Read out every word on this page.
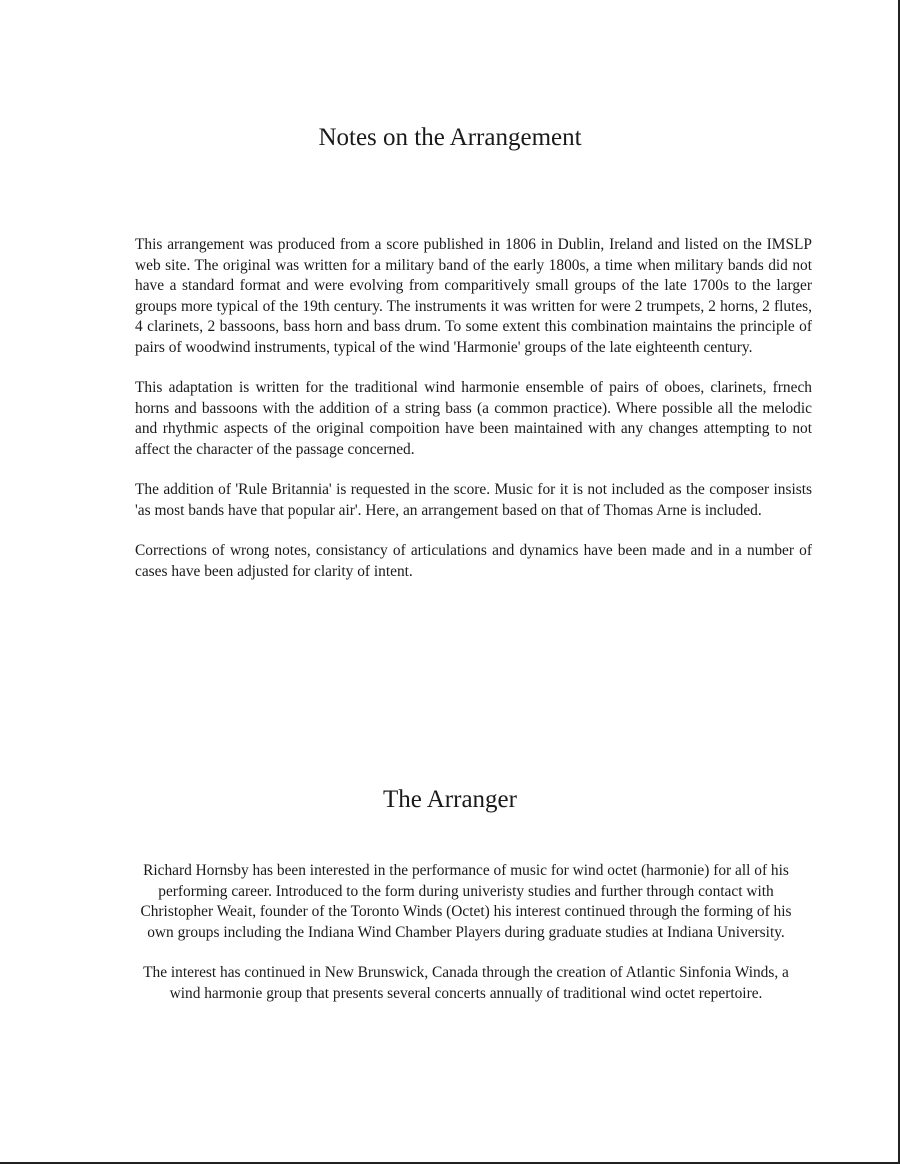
Notes on the Arrangement

This arrangement was produced from a score published in 1806 in Dublin, Ireland and listed on the IMSLP web site. The original was written for a military band of the early 1800s, a time when military bands did not have a standard format and were evolving from comparitively small groups of the late 1700s to the larger groups more typical of the 19th century. The instruments it was written for were 2 trumpets, 2 horns, 2 flutes, 4 clarinets, 2 bassoons, bass horn and bass drum. To some extent this combination maintains the principle of pairs of woodwind instruments, typical of the wind 'Harmonie' groups of the late eighteenth century.

This adaptation is written for the traditional wind harmonie ensemble of pairs of oboes, clarinets, frnech horns and bassoons with the addition of a string bass (a common practice). Where possible all the melodic and rhythmic aspects of the original compoition have been maintained with any changes attempting to not affect the character of the passage concerned.

The addition of 'Rule Britannia' is requested in the score. Music for it is not included as the composer insists 'as most bands have that popular air'. Here, an arrangement based on that of Thomas Arne is included.

Corrections of wrong notes, consistancy of articulations and dynamics have been made and in a number of cases have been adjusted for clarity of intent.

The Arranger

Richard Hornsby has been interested in the performance of music for wind octet (harmonie) for all of his performing career. Introduced to the form during univeristy studies and further through contact with Christopher Weait, founder of the Toronto Winds (Octet) his interest continued through the forming of his own groups including the Indiana Wind Chamber Players during graduate studies at Indiana University.

The interest has continued in New Brunswick, Canada through the creation of Atlantic Sinfonia Winds, a wind harmonie group that presents several concerts annually of traditional wind octet repertoire.
